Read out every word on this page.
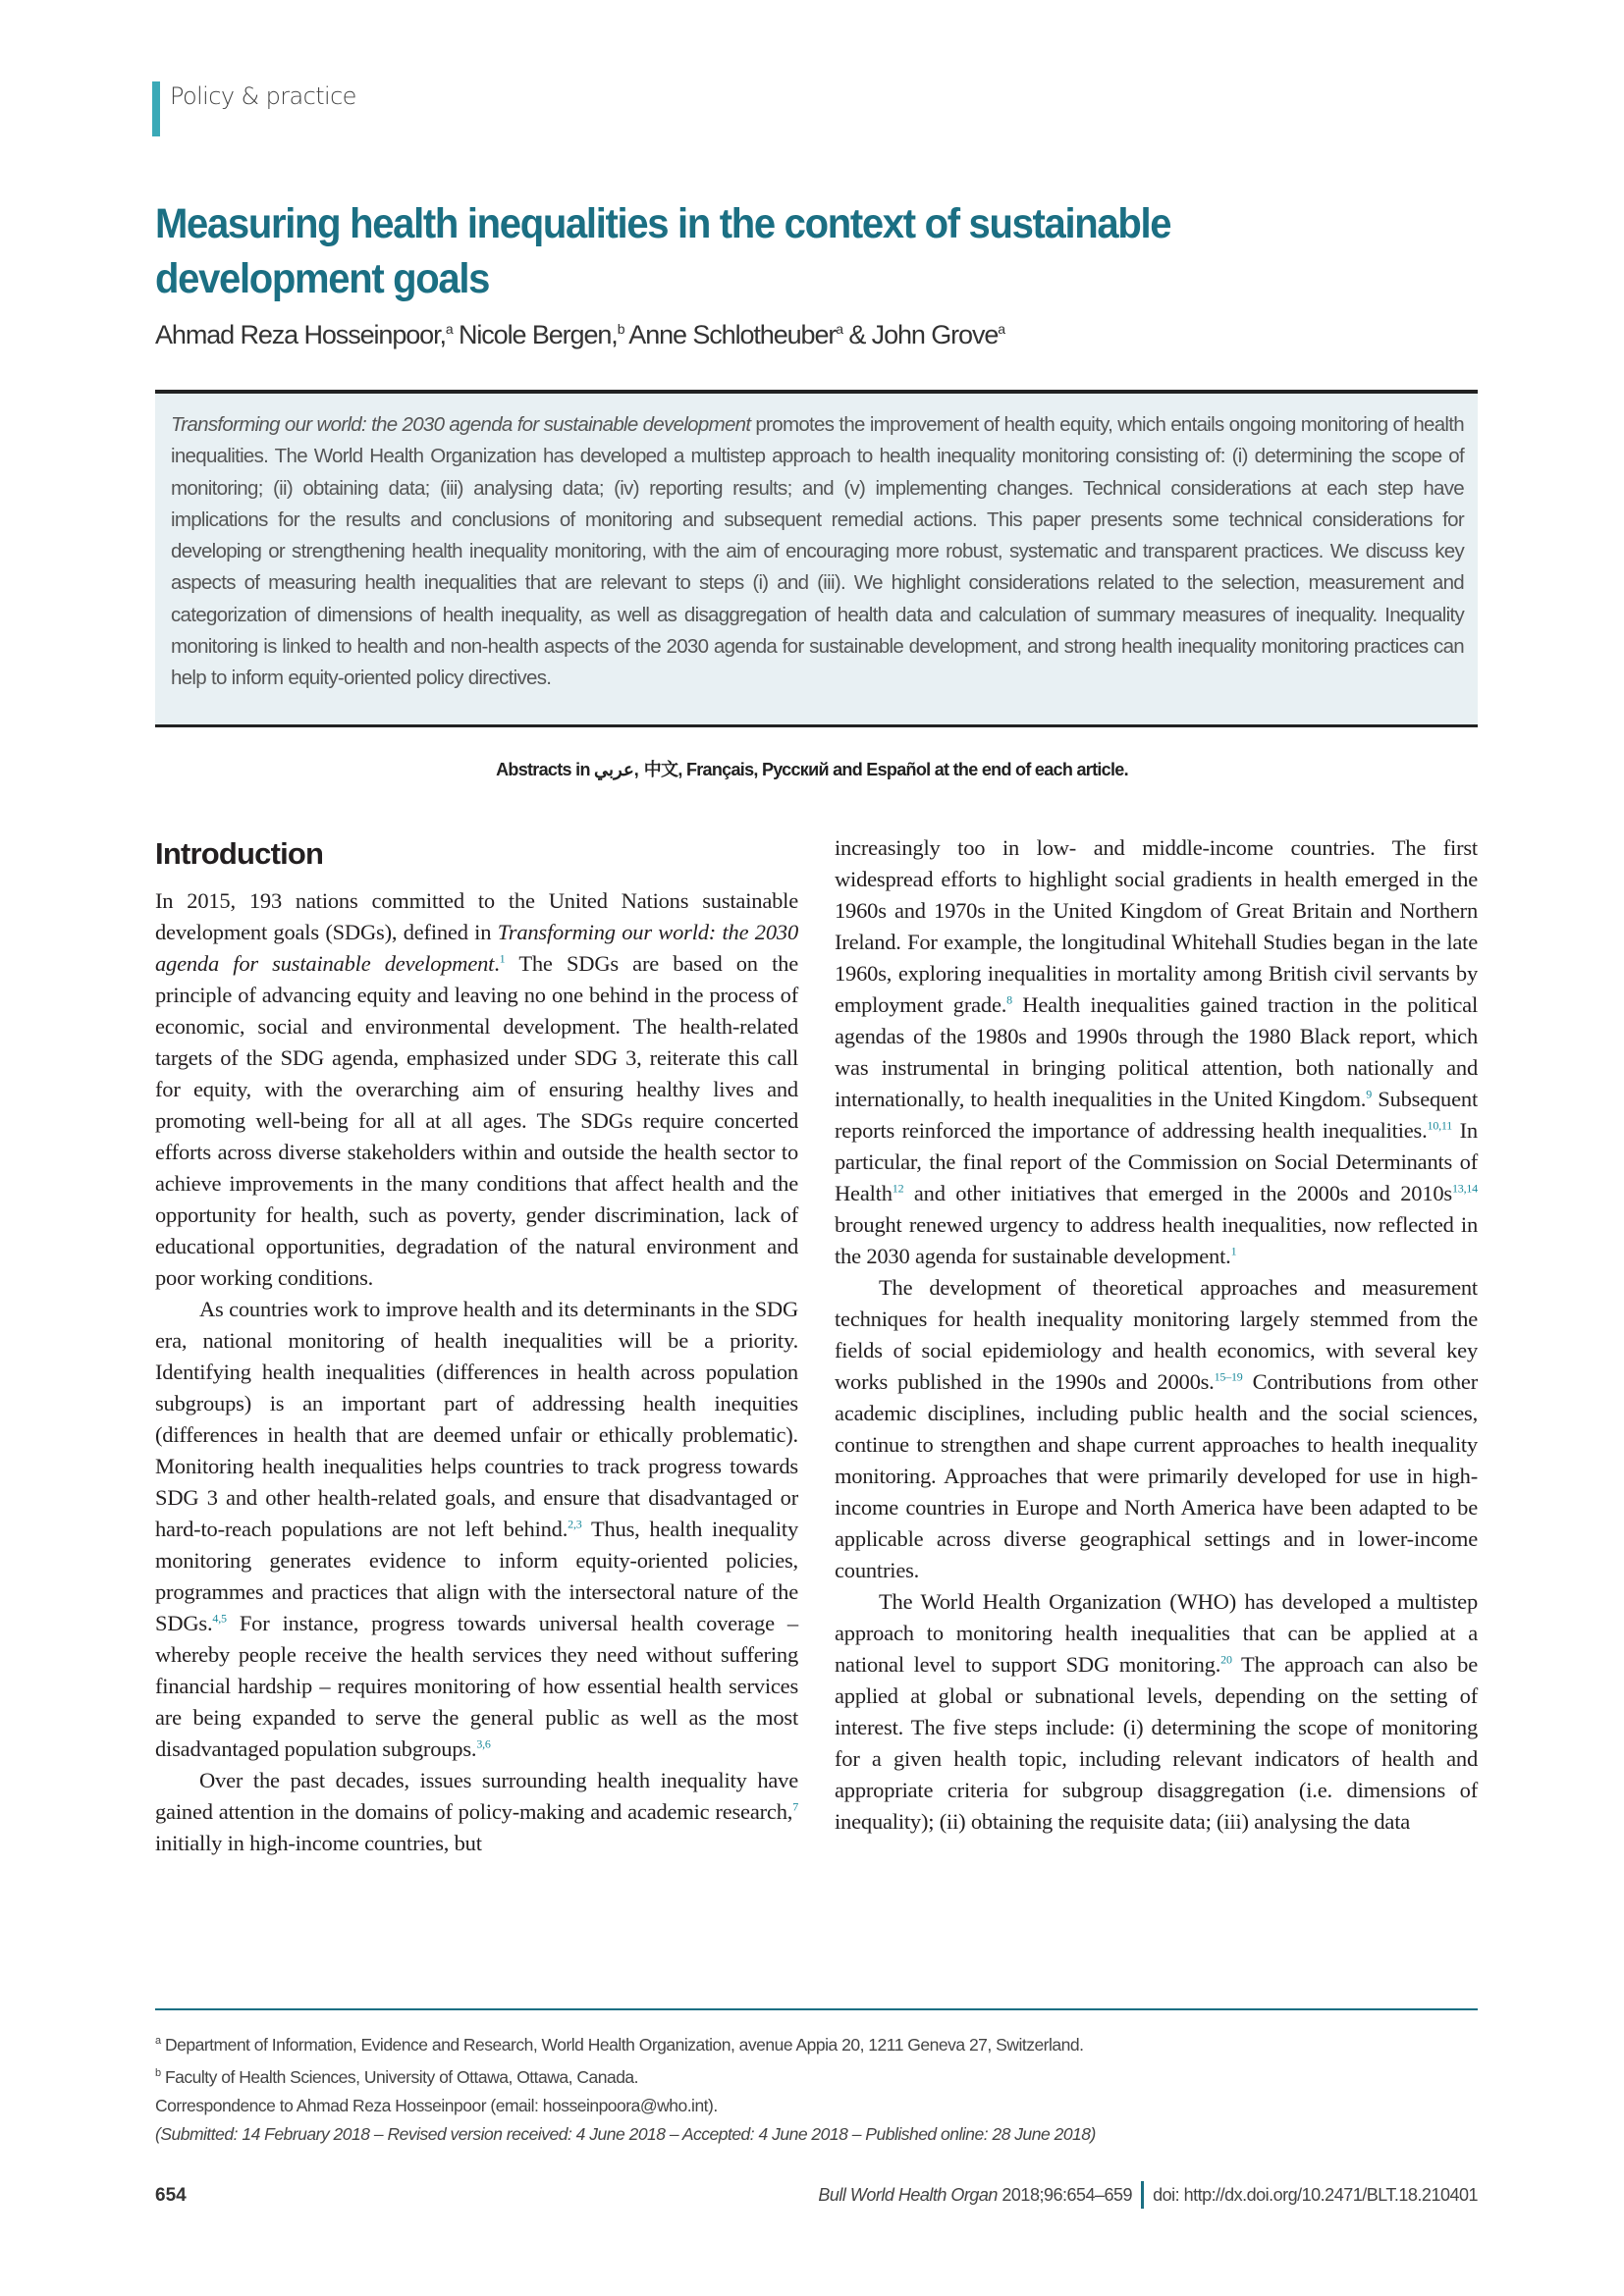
Policy & practice
Measuring health inequalities in the context of sustainable development goals
Ahmad Reza Hosseinpoor,$^a$ Nicole Bergen,$^b$ Anne Schlotheuber$^a$ & John Grove$^a$

Transforming our world: the 2030 agenda for sustainable development promotes the improvement of health equity, which entails ongoing monitoring of health inequalities. The World Health Organization has developed a multistep approach to health inequality monitoring consisting of: (i) determining the scope of monitoring; (ii) obtaining data; (iii) analysing data; (iv) reporting results; and (v) implementing changes. Technical considerations at each step have implications for the results and conclusions of monitoring and subsequent remedial actions. This paper presents some technical considerations for developing or strengthening health inequality monitoring, with the aim of encouraging more robust, systematic and transparent practices. We discuss key aspects of measuring health inequalities that are relevant to steps (i) and (iii). We highlight considerations related to the selection, measurement and categorization of dimensions of health inequality, as well as disaggregation of health data and calculation of summary measures of inequality. Inequality monitoring is linked to health and non-health aspects of the 2030 agenda for sustainable development, and strong health inequality monitoring practices can help to inform equity-oriented policy directives.

Abstracts in عربي, 中文, Français, Русский and Español at the end of each article.
Introduction

In 2015, 193 nations committed to the United Nations sustainable development goals (SDGs), defined in Transforming our world: the 2030 agenda for sustainable development.$^1$ The SDGs are based on the principle of advancing equity and leaving no one behind in the process of economic, social and environmental development. The health-related targets of the SDG agenda, emphasized under SDG 3, reiterate this call for equity, with the overarching aim of ensuring healthy lives and promoting well-being for all at all ages. The SDGs require concerted efforts across diverse stakeholders within and outside the health sector to achieve improvements in the many conditions that affect health and the opportunity for health, such as poverty, gender discrimination, lack of educational opportunities, degradation of the natural environment and poor working conditions.

As countries work to improve health and its determinants in the SDG era, national monitoring of health inequalities will be a priority. Identifying health inequalities (differences in health across population subgroups) is an important part of addressing health inequities (differences in health that are deemed unfair or ethically problematic). Monitoring health inequalities helps countries to track progress towards SDG 3 and other health-related goals, and ensure that disadvantaged or hard-to-reach populations are not left behind.$^{2,3}$ Thus, health inequality monitoring generates evidence to inform equity-oriented policies, programmes and practices that align with the intersectoral nature of the SDGs.$^{4,5}$ For instance, progress towards universal health coverage – whereby people receive the health services they need without suffering financial hardship – requires monitoring of how essential health services are being expanded to serve the general public as well as the most disadvantaged population subgroups.$^{3,6}$

Over the past decades, issues surrounding health inequality have gained attention in the domains of policy-making and academic research,$^7$ initially in high-income countries, but

increasingly too in low- and middle-income countries. The first widespread efforts to highlight social gradients in health emerged in the 1960s and 1970s in the United Kingdom of Great Britain and Northern Ireland. For example, the longitudinal Whitehall Studies began in the late 1960s, exploring inequalities in mortality among British civil servants by employment grade.$^8$ Health inequalities gained traction in the political agendas of the 1980s and 1990s through the 1980 Black report, which was instrumental in bringing political attention, both nationally and internationally, to health inequalities in the United Kingdom.$^9$ Subsequent reports reinforced the importance of addressing health inequalities.$^{10,11}$ In particular, the final report of the Commission on Social Determinants of Health$^{12}$ and other initiatives that emerged in the 2000s and $2010s^{13,14}$ brought renewed urgency to address health inequalities, now reflected in the 2030 agenda for sustainable development.$^1$

The development of theoretical approaches and measurement techniques for health inequality monitoring largely stemmed from the fields of social epidemiology and health economics, with several key works published in the 1990s and 2000s.$^{15-19}$ Contributions from other academic disciplines, including public health and the social sciences, continue to strengthen and shape current approaches to health inequality monitoring. Approaches that were primarily developed for use in high-income countries in Europe and North America have been adapted to be applicable across diverse geographical settings and in lower-income countries.

The World Health Organization (WHO) has developed a multistep approach to monitoring health inequalities that can be applied at a national level to support SDG monitoring.$^{20}$ The approach can also be applied at global or subnational levels, depending on the setting of interest. The five steps include: (i) determining the scope of monitoring for a given health topic, including relevant indicators of health and appropriate criteria for subgroup disaggregation (i.e. dimensions of inequality); (ii) obtaining the requisite data; (iii) analysing the data

$^a$ Department of Information, Evidence and Research, World Health Organization, avenue Appia 20, 1211 Geneva 27, Switzerland.
$^b$ Faculty of Health Sciences, University of Ottawa, Ottawa, Canada.
Correspondence to Ahmad Reza Hosseinpoor (email: hosseinpoora@who.int).
(Submitted: 14 February 2018 – Revised version received: 4 June 2018 – Accepted: 4 June 2018 – Published online: 28 June 2018)
654	Bull World Health Organ 2018;96:654–659 doi: http://dx.doi.org/10.2471/BLT.18.210401
